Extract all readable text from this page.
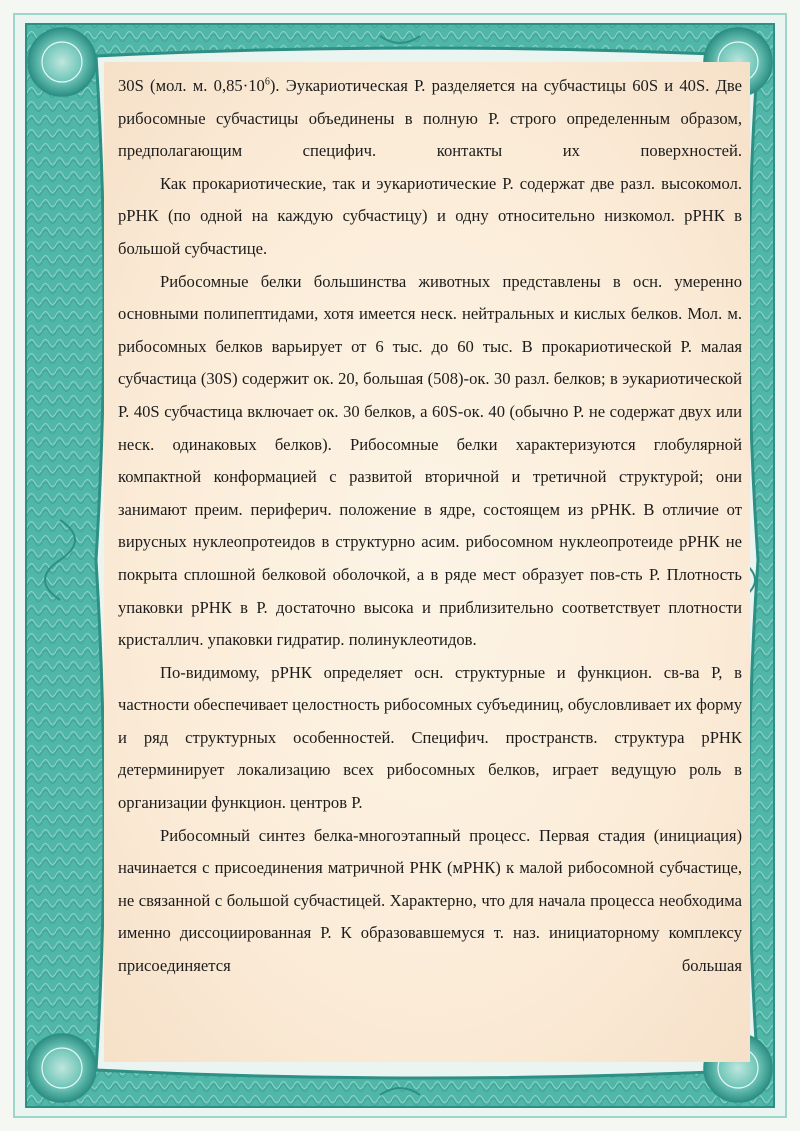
30S (мол. м. $0,85\cdot 10^6$). Эукариотическая Р. разделяется на субчастицы 60S и 40S. Две рибосомные субчастицы объединены в полную Р. строго определенным образом, предполагающим специфич. контакты их поверхностей.

Как прокариотические, так и эукариотические Р. содержат две разл. высокомол. рРНК (по одной на каждую субчастицу) и одну относительно низкомол. рРНК в большой субчастице.

Рибосомные белки большинства животных представлены в осн. умеренно основными полипептидами, хотя имеется неск. нейтральных и кислых белков. Мол. м. рибосомных белков варьирует от 6 тыс. до 60 тыс. В прокариотической Р. малая субчастица (30S) содержит ок. 20, большая (508)-ок. 30 разл. белков; в эукариотической Р. 40S субчастица включает ок. 30 белков, а 60S-ок. 40 (обычно Р. не содержат двух или неск. одинаковых белков). Рибосомные белки характеризуются глобулярной компактной конформацией с развитой вторичной и третичной структурой; они занимают преим. периферич. положение в ядре, состоящем из рРНК. В отличие от вирусных нуклеопротеидов в структурно асим. рибосомном нуклеопротеиде рРНК не покрыта сплошной белковой оболочкой, а в ряде мест образует пов-сть Р. Плотность упаковки рРНК в Р. достаточно высока и приблизительно соответствует плотности кристаллич. упаковки гидратир. полинуклеотидов.

По-видимому, рРНК определяет осн. структурные и функцион. св-ва Р, в частности обеспечивает целостность рибосомных субъединиц, обусловливает их форму и ряд структурных особенностей. Специфич. пространств. структура рРНК детерминирует локализацию всех рибосомных белков, играет ведущую роль в организации функцион. центров Р.

Рибосомный синтез белка-многоэтапный процесс. Первая стадия (инициация) начинается с присоединения матричной РНК (мРНК) к малой рибосомной субчастице, не связанной с большой субчастицей. Характерно, что для начала процесса необходима именно диссоциированная Р. К образовавшемуся т. наз. инициаторному комплексу присоединяется большая
